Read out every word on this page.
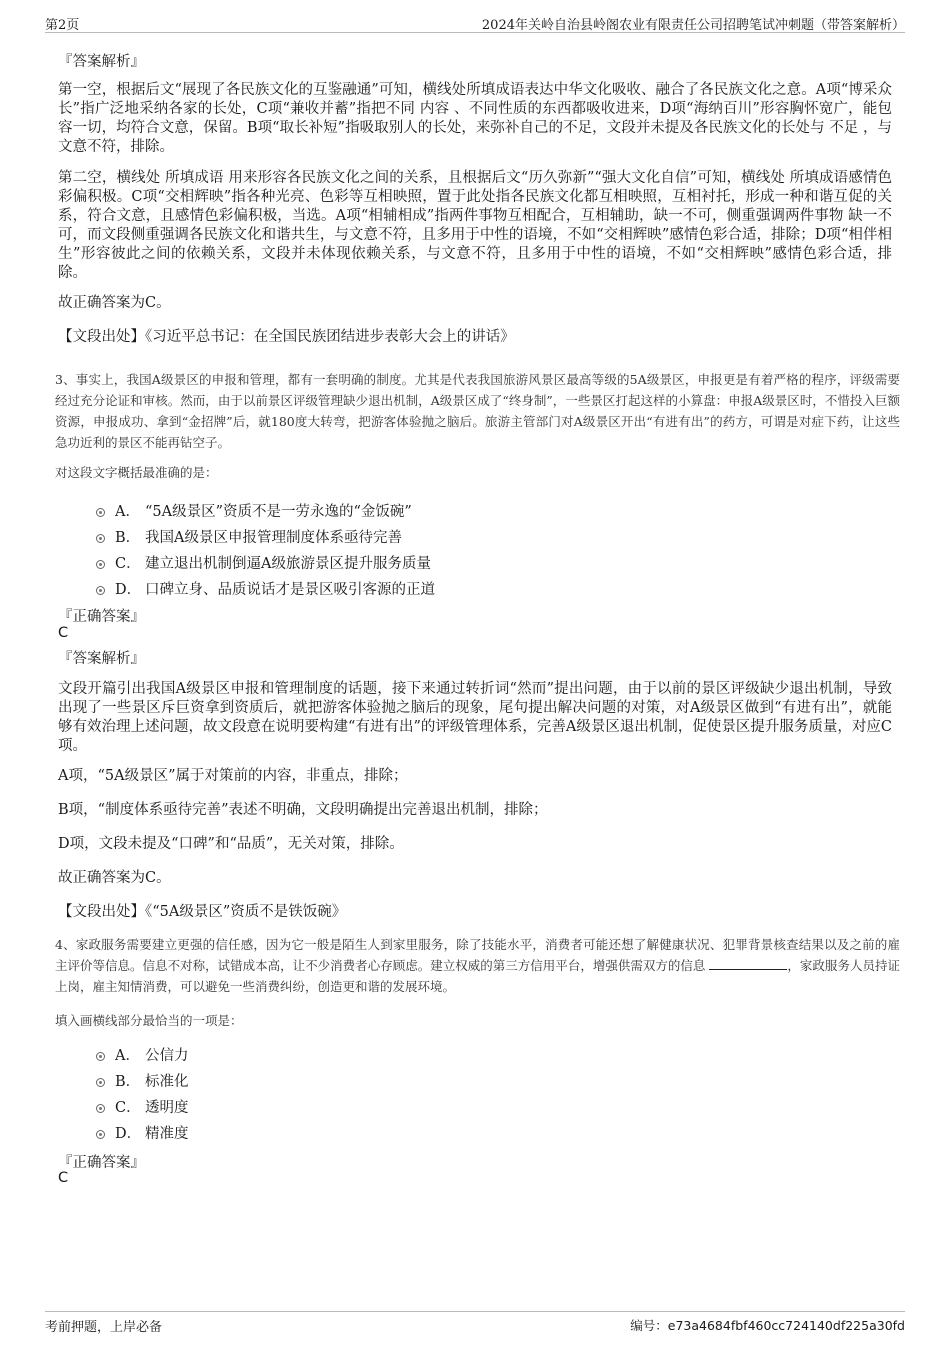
第2页	2024年关岭自治县岭阁农业有限责任公司招聘笔试冲刺题（带答案解析）
『答案解析』
第一空，根据后文“展现了各民族文化的互鉴融通”可知，横线处所填成语表达中华文化吸收、融合了各民族文化之意。A项“博采众长”指广泛地采纳各家的长处，C项“兼收并蓄”指把不同 内容 、不同性质的东西都吸收进来，D项“海纳百川”形容胸怀宽广，能包容一切，均符合文意，保留。B项“取长补短”指吸取别人的长处，来弥补自己的不足，文段并未提及各民族文化的长处与 不足 ，与文意不符，排除。
第二空，横线处 所填成语 用来形容各民族文化之间的关系，且根据后文“历久弥新”“强大文化自信”可知，横线处 所填成语感情色彩偏积极。C项“交相辉映”指各种光亮、色彩等互相映照，置于此处指各民族文化都互相映照，互相衬托，形成一种和谐互促的关系，符合文意，且感情色彩偏积极，当选。A项“相辅相成”指两件事物互相配合，互相辅助，缺一不可，侧重强调两件事物 缺一不可，而文段侧重强调各民族文化和谐共生，与文意不符，且多用于中性的语境，不如“交相辉映”感情色彩合适，排除；D项“相伴相生”形容彼此之间的依赖关系，文段并未体现依赖关系，与文意不符，且多用于中性的语境，不如“交相辉映”感情色彩合适，排除。
故正确答案为C。
【文段出处】《习近平总书记：在全国民族团结进步表彰大会上的讲话》
3、事实上，我国A级景区的申报和管理，都有一套明确的制度。尤其是代表我国旅游风景区最高等级的5A级景区，申报更是有着严格的程序，评级需要经过充分论证和审核。然而，由于以前景区评级管理缺少退出机制，A级景区成了“终身制”，一些景区打起这样的小算盘：申报A级景区时，不惜投入巨额资源，申报成功、拿到“金招牌”后，就180度大转弯，把游客体验抛之脑后。旅游主管部门对A级景区开出“有进有出”的药方，可谓是对症下药，让这些急功近利的景区不能再钻空子。
对这段文字概括最准确的是：
A． “5A级景区”资质不是一劳永逸的“金饭碗”
B． 我国A级景区申报管理制度体系亟待完善
C． 建立退出机制倒逼A级旅游景区提升服务质量
D． 口碑立身、品质说话才是景区吸引客源的正道
『正确答案』
C
『答案解析』
文段开篇引出我国A级景区申报和管理制度的话题，接下来通过转折词“然而”提出问题，由于以前的景区评级缺少退出机制，导致出现了一些景区斥巨资拿到资质后，就把游客体验抛之脑后的现象，尾句提出解决问题的对策，对A级景区做到“有进有出”，就能够有效治理上述问题，故文段意在说明要构建“有进有出”的评级管理体系，完善A级景区退出机制，促使景区提升服务质量，对应C项。
A项，“5A级景区”属于对策前的内容，非重点，排除；
B项，“制度体系亟待完善”表述不明确，文段明确提出完善退出机制，排除；
D项，文段未提及“口碑”和“品质”，无关对策，排除。
故正确答案为C。
【文段出处】《“5A级景区”资质不是铁饭碗》
4、家政服务需要建立更强的信任感，因为它一般是陌生人到家里服务，除了技能水平，消费者可能还想了解健康状况、犯罪背景核查结果以及之前的雇主评价等信息。信息不对称，试错成本高，让不少消费者心存顾虑。建立权威的第三方信用平台，增强供需双方的信息	，家政服务人员持证上岗，雇主知情消费，可以避免一些消费纠纷，创造更和谐的发展环境。
填入画横线部分最恰当的一项是：
A． 公信力
B． 标准化
C． 透明度
D． 精准度
『正确答案』
C
考前押题，上岸必备	编号：e73a4684fbf460cc724140df225a30fd
